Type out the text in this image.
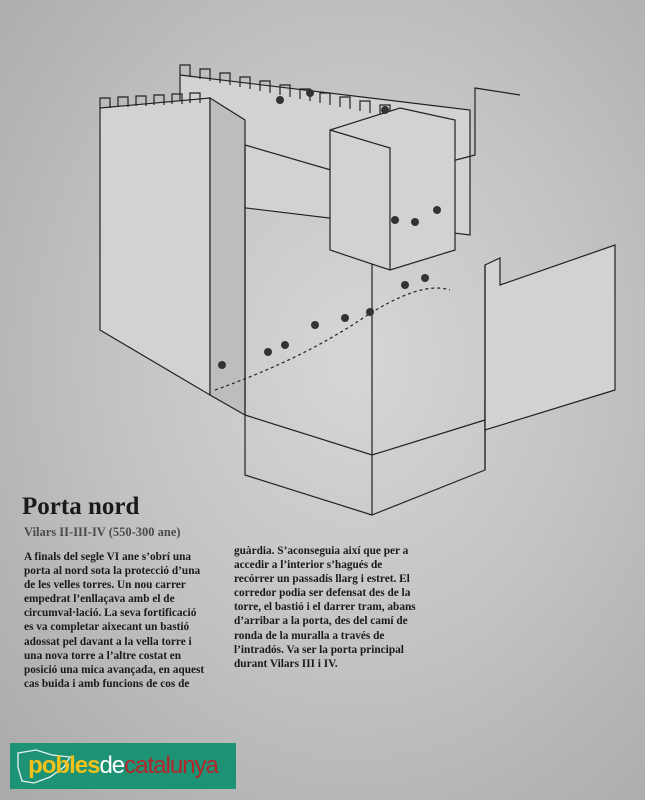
Porta nord
Vilars II-III-IV (550-300 ane)
A finals del segle VI ane s’obrí una
porta al nord sota la protecció d’una
de les velles torres. Un nou carrer
empedrat l’enllaçava amb el de
circumval·lació. La seva fortificació
es va completar aixecant un bastió
adossat pel davant a la vella torre i
una nova torre a l’altre costat en
posició una mica avançada, en aquest
cas buida i amb funcions de cos de
guàrdia. S’aconseguia així que per a
accedir a l’interior s’hagués de
recórrer un passadís llarg i estret. El
corredor podia ser defensat des de la
torre, el bastió i el darrer tram, abans
d’arribar a la porta, des del camí de
ronda de la muralla a través de
l’intradós. Va ser la porta principal
durant Vilars III i IV.
p obles de catalunya
